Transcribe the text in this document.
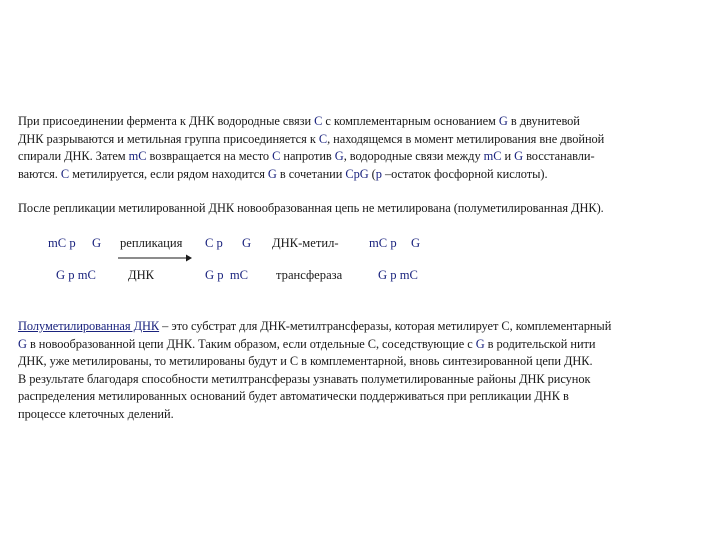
При присоединении фермента к ДНК водородные связи С с комплементарным основанием G в двунитевой
ДНК разрываются и метильная группа присоединяется к С, находящемся в момент метилирования вне двойной
спирали ДНК. Затем mC возвращается на место С напротив G, водородные связи между mC и G восстанавли-
ваются. С метилируется, если рядом находится G в сочетании СpG (р –остаток фосфорной кислоты).
После репликации метилированной ДНК новообразованная цепь не метилирована (полуметилированная ДНК).
mC p G
G p mC
репликация
ДНК
C p G
G p  mC
ДНК-метил-
трансфераза
mC p G
G p mC
Полуметилированная ДНК – это субстрат для ДНК-метилтрансферазы, которая метилирует С, комплементарный
G в новообразованной цепи ДНК. Таким образом, если отдельные С, соседствующие с G в родительской нити
ДНК, уже метилированы, то метилированы будут и С в комплементарной, вновь синтезированной цепи ДНК.
В результате благодаря способности метилтрансферазы узнавать полуметилированные районы ДНК рисунок
распределения метилированных оснований будет автоматически поддерживаться при репликации ДНК в
процессе клеточных делений.
